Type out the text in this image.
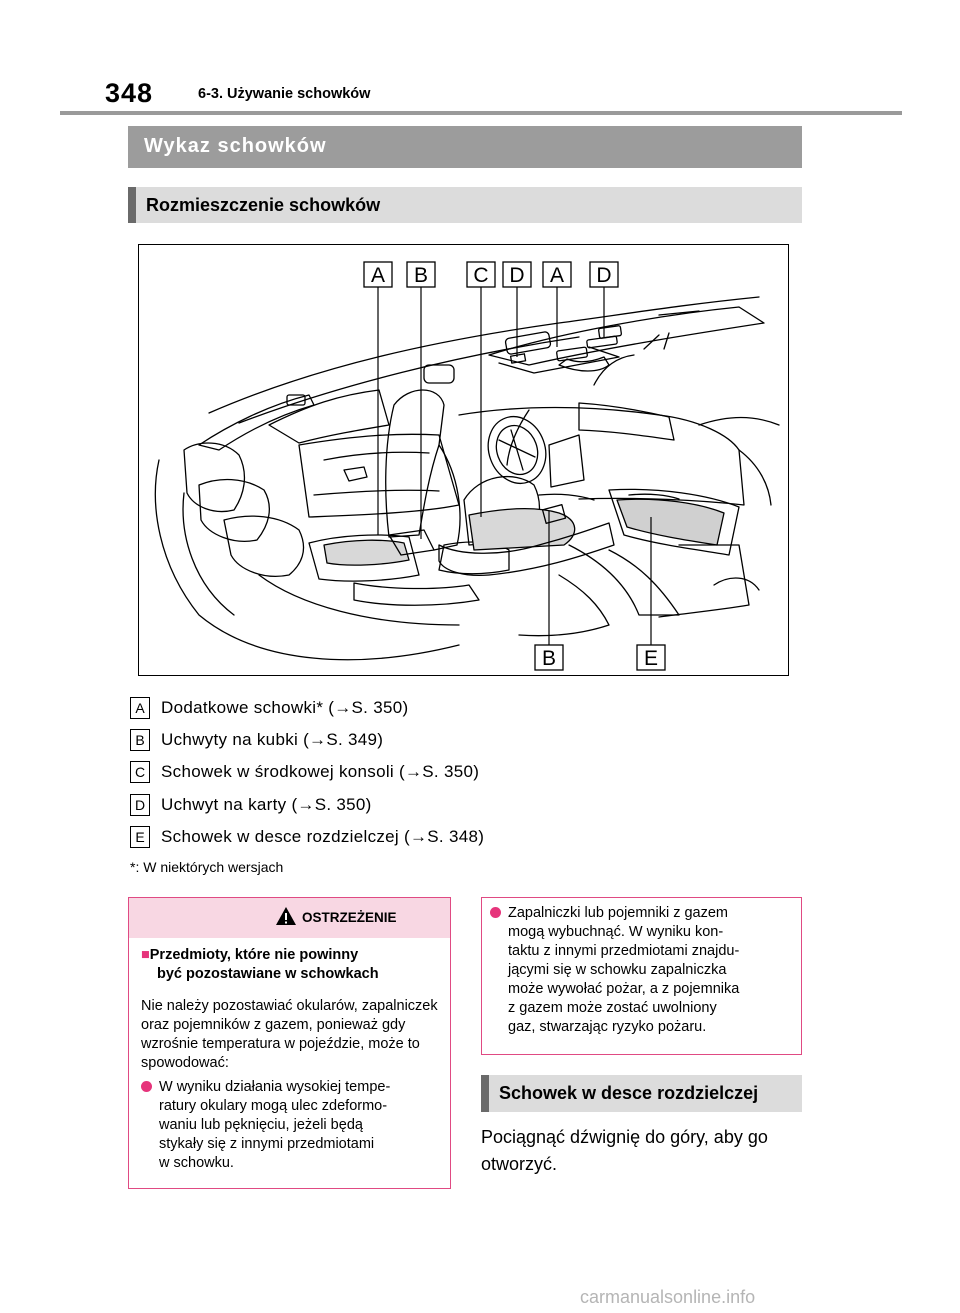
348	6-3. Używanie schowków
Wykaz schowków
Rozmieszczenie schowków
A B C D A D
B	E
A Dodatkowe schowki* (→S. 350)
B Uchwyty na kubki (→S. 349)
C Schowek w środkowej konsoli (→S. 350)
D Uchwyt na karty (→S. 350)
E Schowek w desce rozdzielczej (→S. 348)
*: W niektórych wersjach
OSTRZEŻENIE
■Przedmioty, które nie powinny
być pozostawiane w schowkach
Nie należy pozostawiać okularów, zapalniczek oraz pojemników z gazem, ponieważ gdy wzrośnie temperatura w pojeździe, może to spowodować:
W wyniku działania wysokiej tempe-
ratury okulary mogą ulec zdeformo-
waniu lub pęknięciu, jeżeli będą
stykały się z innymi przedmiotami
w schowku.
Zapalniczki lub pojemniki z gazem
mogą wybuchnąć. W wyniku kon-
taktu z innymi przedmiotami znajdu-
jącymi się w schowku zapalniczka
może wywołać pożar, a z pojemnika
z gazem może zostać uwolniony
gaz, stwarzając ryzyko pożaru.
Schowek w desce rozdzielczej
Pociągnąć dźwignię do góry, aby go otworzyć.
carmanualsonline.info
